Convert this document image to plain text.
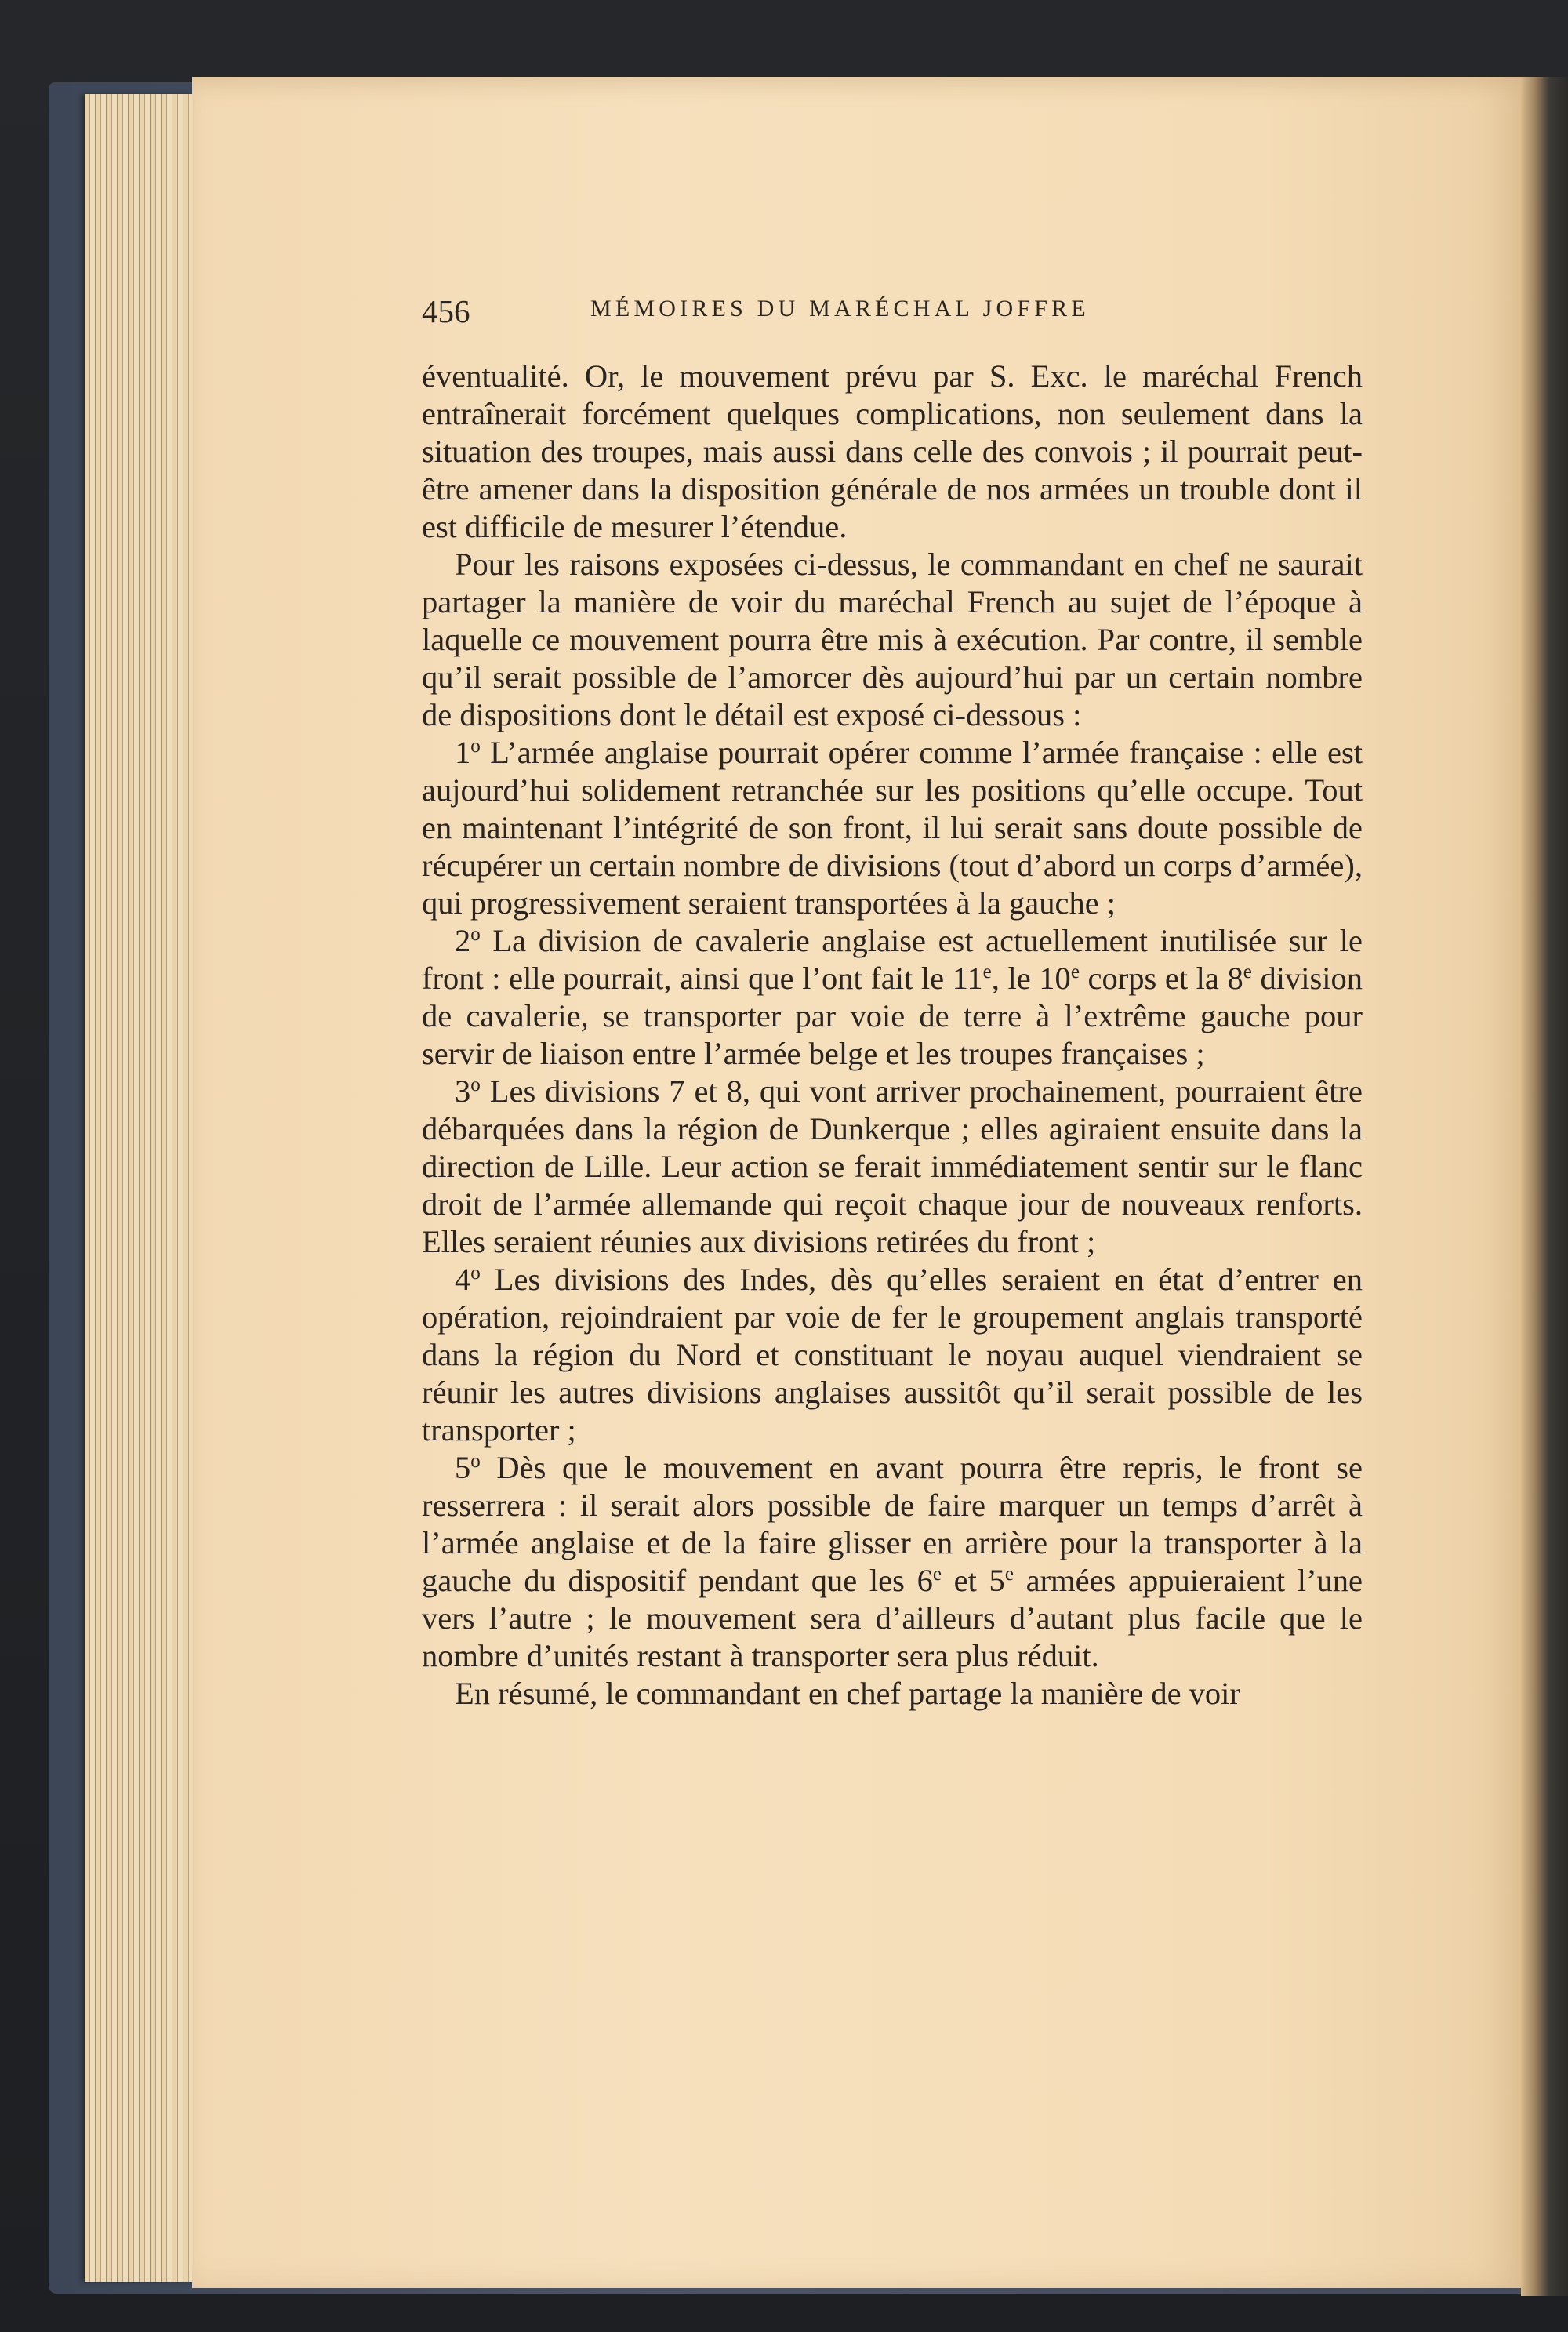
456	MÉMOIRES DU MARÉCHAL JOFFRE

éventualité. Or, le mouvement prévu par S. Exc. le maréchal French entraînerait forcément quelques complications, non seulement dans la situation des troupes, mais aussi dans celle des convois ; il pourrait peut-être amener dans la disposition générale de nos armées un trouble dont il est difficile de mesurer l’étendue.

Pour les raisons exposées ci-dessus, le commandant en chef ne saurait partager la manière de voir du maréchal French au sujet de l’époque à laquelle ce mouvement pourra être mis à exécution. Par contre, il semble qu’il serait possible de l’amorcer dès aujourd’hui par un certain nombre de dispositions dont le détail est exposé ci-dessous :

1$^o$ L’armée anglaise pourrait opérer comme l’armée française : elle est aujourd’hui solidement retranchée sur les positions qu’elle occupe. Tout en maintenant l’intégrité de son front, il lui serait sans doute possible de récupérer un certain nombre de divisions (tout d’abord un corps d’armée), qui progressivement seraient transportées à la gauche ;

2$^o$ La division de cavalerie anglaise est actuellement inutilisée sur le front : elle pourrait, ainsi que l’ont fait le 11e, le 10e corps et la 8e division de cavalerie, se transporter par voie de terre à l’extrême gauche pour servir de liaison entre l’armée belge et les troupes françaises ;

3$^o$ Les divisions 7 et 8, qui vont arriver prochainement, pourraient être débarquées dans la région de Dunkerque ; elles agiraient ensuite dans la direction de Lille. Leur action se ferait immédiatement sentir sur le flanc droit de l’armée allemande qui reçoit chaque jour de nouveaux renforts. Elles seraient réunies aux divisions retirées du front ;

4$^o$ Les divisions des Indes, dès qu’elles seraient en état d’entrer en opération, rejoindraient par voie de fer le groupement anglais transporté dans la région du Nord et constituant le noyau auquel viendraient se réunir les autres divisions anglaises aussitôt qu’il serait possible de les transporter ;

5$^o$ Dès que le mouvement en avant pourra être repris, le front se resserrera : il serait alors possible de faire marquer un temps d’arrêt à l’armée anglaise et de la faire glisser en arrière pour la transporter à la gauche du dispositif pendant que les 6e et 5e armées appuieraient l’une vers l’autre ; le mouvement sera d’ailleurs d’autant plus facile que le nombre d’unités restant à transporter sera plus réduit.

En résumé, le commandant en chef partage la manière de voir
